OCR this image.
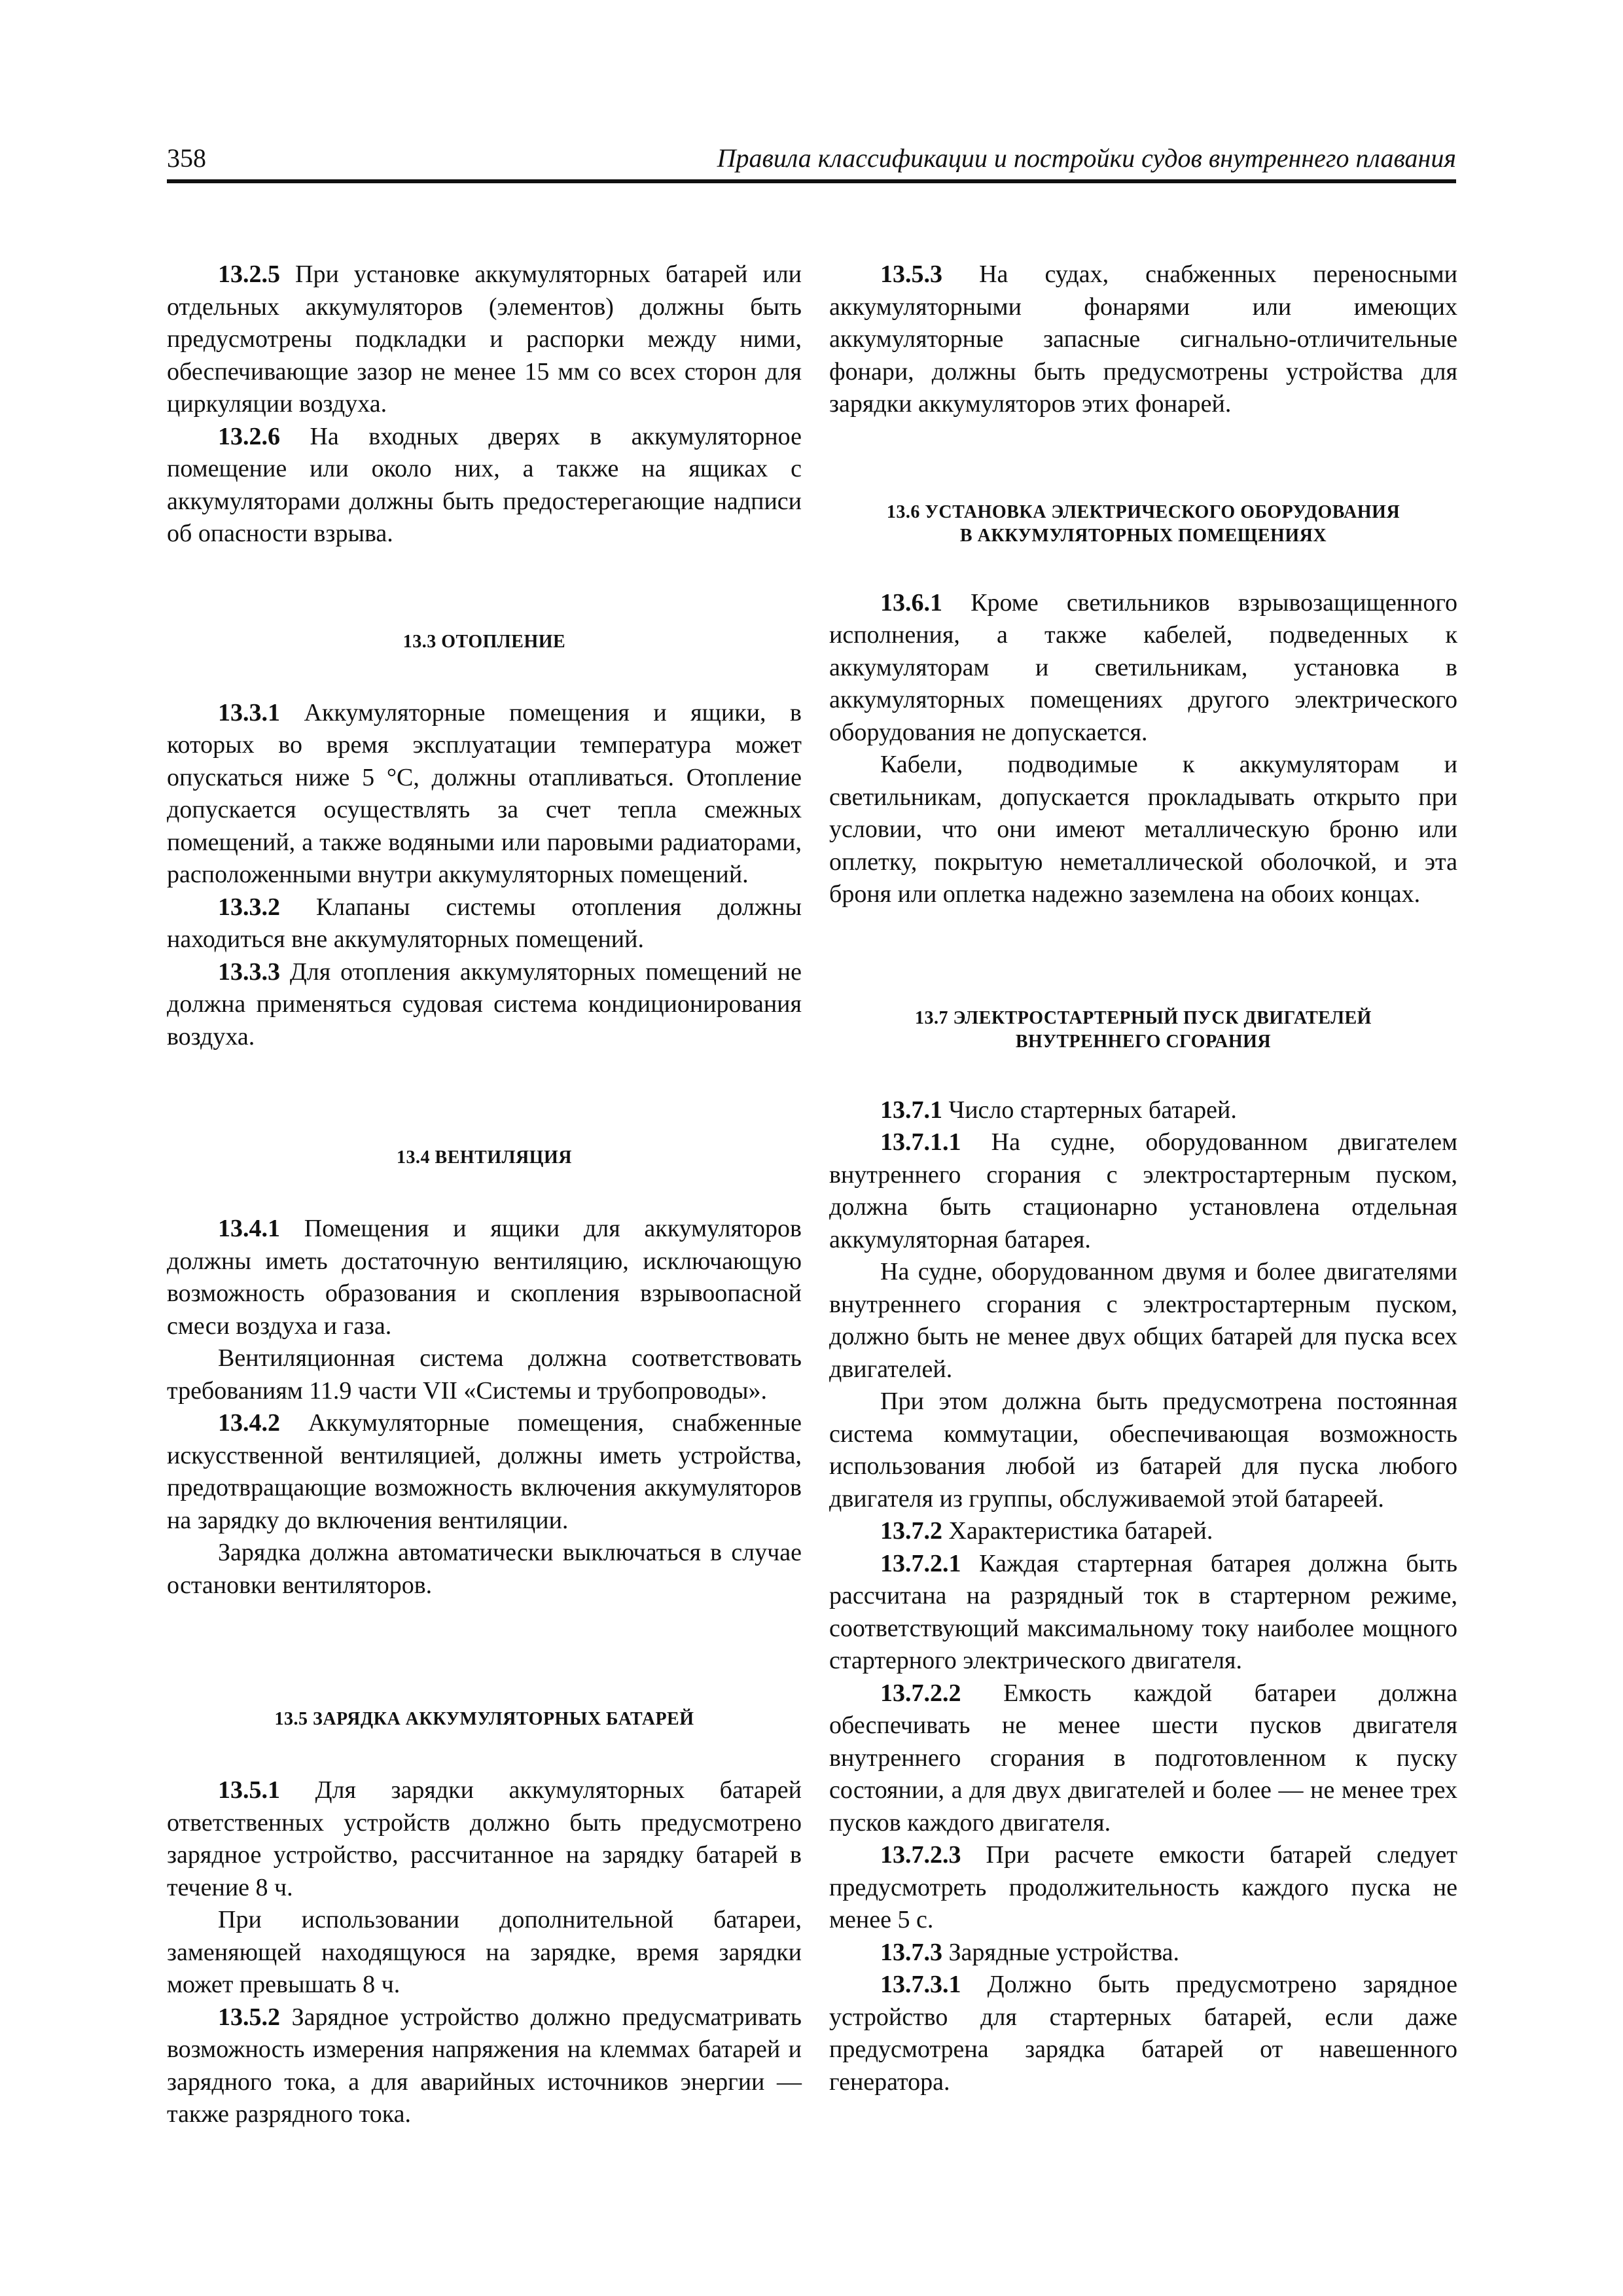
358	Правила классификации и постройки судов внутреннего плавания

13.2.5 При установке аккумуляторных батарей или отдельных аккумуляторов (элементов) должны быть предусмотрены подкладки и распорки между ними, обеспечивающие зазор не менее 15 мм со всех сторон для циркуляции воздуха.

13.2.6 На входных дверях в аккумуляторное помещение или около них, а также на ящиках с аккумуляторами должны быть предостерегающие надписи об опасности взрыва.

13.3 ОТОПЛЕНИЕ

13.3.1 Аккумуляторные помещения и ящики, в которых во время эксплуатации температура может опускаться ниже 5 °С, должны отапливаться. Отопление допускается осуществлять за счет тепла смежных помещений, а также водяными или паровыми радиаторами, расположенными внутри аккумуляторных помещений.

13.3.2 Клапаны системы отопления должны находиться вне аккумуляторных помещений.

13.3.3 Для отопления аккумуляторных помещений не должна применяться судовая система кондиционирования воздуха.

13.4 ВЕНТИЛЯЦИЯ

13.4.1 Помещения и ящики для аккумуляторов должны иметь достаточную вентиляцию, исключающую возможность образования и скопления взрывоопасной смеси воздуха и газа.

Вентиляционная система должна соответствовать требованиям 11.9 части VII «Системы и трубопроводы».

13.4.2 Аккумуляторные помещения, снабженные искусственной вентиляцией, должны иметь устройства, предотвращающие возможность включения аккумуляторов на зарядку до включения вентиляции.

Зарядка должна автоматически выключаться в случае остановки вентиляторов.

13.5 ЗАРЯДКА АККУМУЛЯТОРНЫХ БАТАРЕЙ

13.5.1 Для зарядки аккумуляторных батарей ответственных устройств должно быть предусмотрено зарядное устройство, рассчитанное на зарядку батарей в течение 8 ч.

При использовании дополнительной батареи, заменяющей находящуюся на зарядке, время зарядки может превышать 8 ч.

13.5.2 Зарядное устройство должно предусматривать возможность измерения напряжения на клеммах батарей и зарядного тока, а для аварийных источников энергии — также разрядного тока.

13.5.3 На судах, снабженных переносными аккумуляторными фонарями или имеющих аккумуляторные запасные сигнально-отличительные фонари, должны быть предусмотрены устройства для зарядки аккумуляторов этих фонарей.

13.6 УСТАНОВКА ЭЛЕКТРИЧЕСКОГО ОБОРУДОВАНИЯ
В АККУМУЛЯТОРНЫХ ПОМЕЩЕНИЯХ

13.6.1 Кроме светильников взрывозащищенного исполнения, а также кабелей, подведенных к аккумуляторам и светильникам, установка в аккумуляторных помещениях другого электрического оборудования не допускается.

Кабели, подводимые к аккумуляторам и светильникам, допускается прокладывать открыто при условии, что они имеют металлическую броню или оплетку, покрытую неметаллической оболочкой, и эта броня или оплетка надежно заземлена на обоих концах.

13.7 ЭЛЕКТРОСТАРТЕРНЫЙ ПУСК ДВИГАТЕЛЕЙ
ВНУТРЕННЕГО СГОРАНИЯ

13.7.1 Число стартерных батарей.

13.7.1.1 На судне, оборудованном двигателем внутреннего сгорания с электростартерным пуском, должна быть стационарно установлена отдельная аккумуляторная батарея.

На судне, оборудованном двумя и более двигателями внутреннего сгорания с электростартерным пуском, должно быть не менее двух общих батарей для пуска всех двигателей.

При этом должна быть предусмотрена постоянная система коммутации, обеспечивающая возможность использования любой из батарей для пуска любого двигателя из группы, обслуживаемой этой батареей.

13.7.2 Характеристика батарей.

13.7.2.1 Каждая стартерная батарея должна быть рассчитана на разрядный ток в стартерном режиме, соответствующий максимальному току наиболее мощного стартерного электрического двигателя.

13.7.2.2 Емкость каждой батареи должна обеспечивать не менее шести пусков двигателя внутреннего сгорания в подготовленном к пуску состоянии, а для двух двигателей и более — не менее трех пусков каждого двигателя.

13.7.2.3 При расчете емкости батарей следует предусмотреть продолжительность каждого пуска не менее 5 с.

13.7.3 Зарядные устройства.

13.7.3.1 Должно быть предусмотрено зарядное устройство для стартерных батарей, если даже предусмотрена зарядка батарей от навешенного генератора.
